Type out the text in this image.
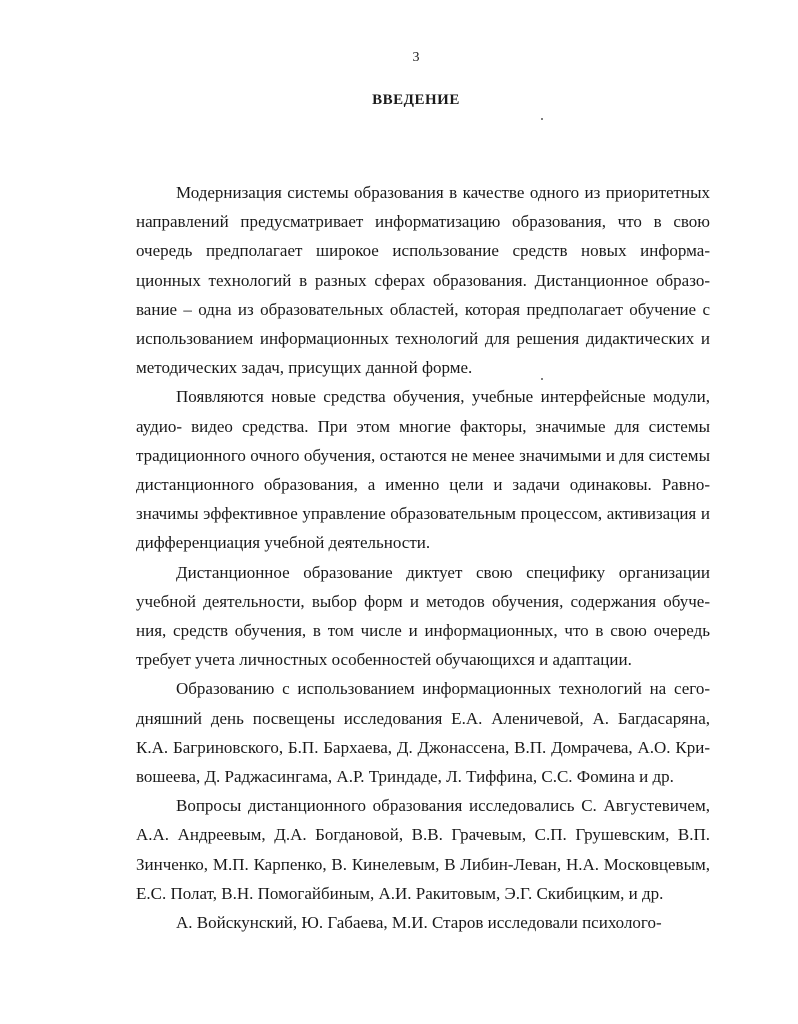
3
ВВЕДЕНИЕ

Модернизация системы образования в качестве одного из приоритетных направлений предусматривает информатизацию образования, что в свою очередь предполагает широкое использование средств новых информационных технологий в разных сферах образования. Дистанционное образование – одна из образовательных областей, которая предполагает обучение с использованием информационных технологий для решения дидактических и методических задач, присущих данной форме.

Появляются новые средства обучения, учебные интерфейсные модули, аудио- видео средства. При этом многие факторы, значимые для системы традиционного очного обучения, остаются не менее значимыми и для системы дистанционного образования, а именно цели и задачи одинаковы. Равнозначимы эффективное управление образовательным процессом, активизация и дифференциация учебной деятельности.

Дистанционное образование диктует свою специфику организации учебной деятельности, выбор форм и методов обучения, содержания обучения, средств обучения, в том числе и информационных, что в свою очередь требует учета личностных особенностей обучающихся и адаптации.

Образованию с использованием информационных технологий на сегодняшний день посвещены исследования Е.А. Аленичевой, А. Багдасаряна, К.А. Багриновского, Б.П. Бархаева, Д. Джонассена, В.П. Домрачева, А.О. Кривошеева, Д. Раджасингама, А.Р. Триндаде, Л. Тиффина, С.С. Фомина и др.

Вопросы дистанционного образования исследовались С. Августевичем, А.А. Андреевым, Д.А. Богдановой, В.В. Грачевым, С.П. Грушевским, В.П. Зинченко, М.П. Карпенко, В. Кинелевым, В Либин-Леван, Н.А. Московцевым, Е.С. Полат, В.Н. Помогайбиным, А.И. Ракитовым, Э.Г. Скибицким, и др.

А. Войскунский, Ю. Габаева, М.И. Старов исследовали психолого-
